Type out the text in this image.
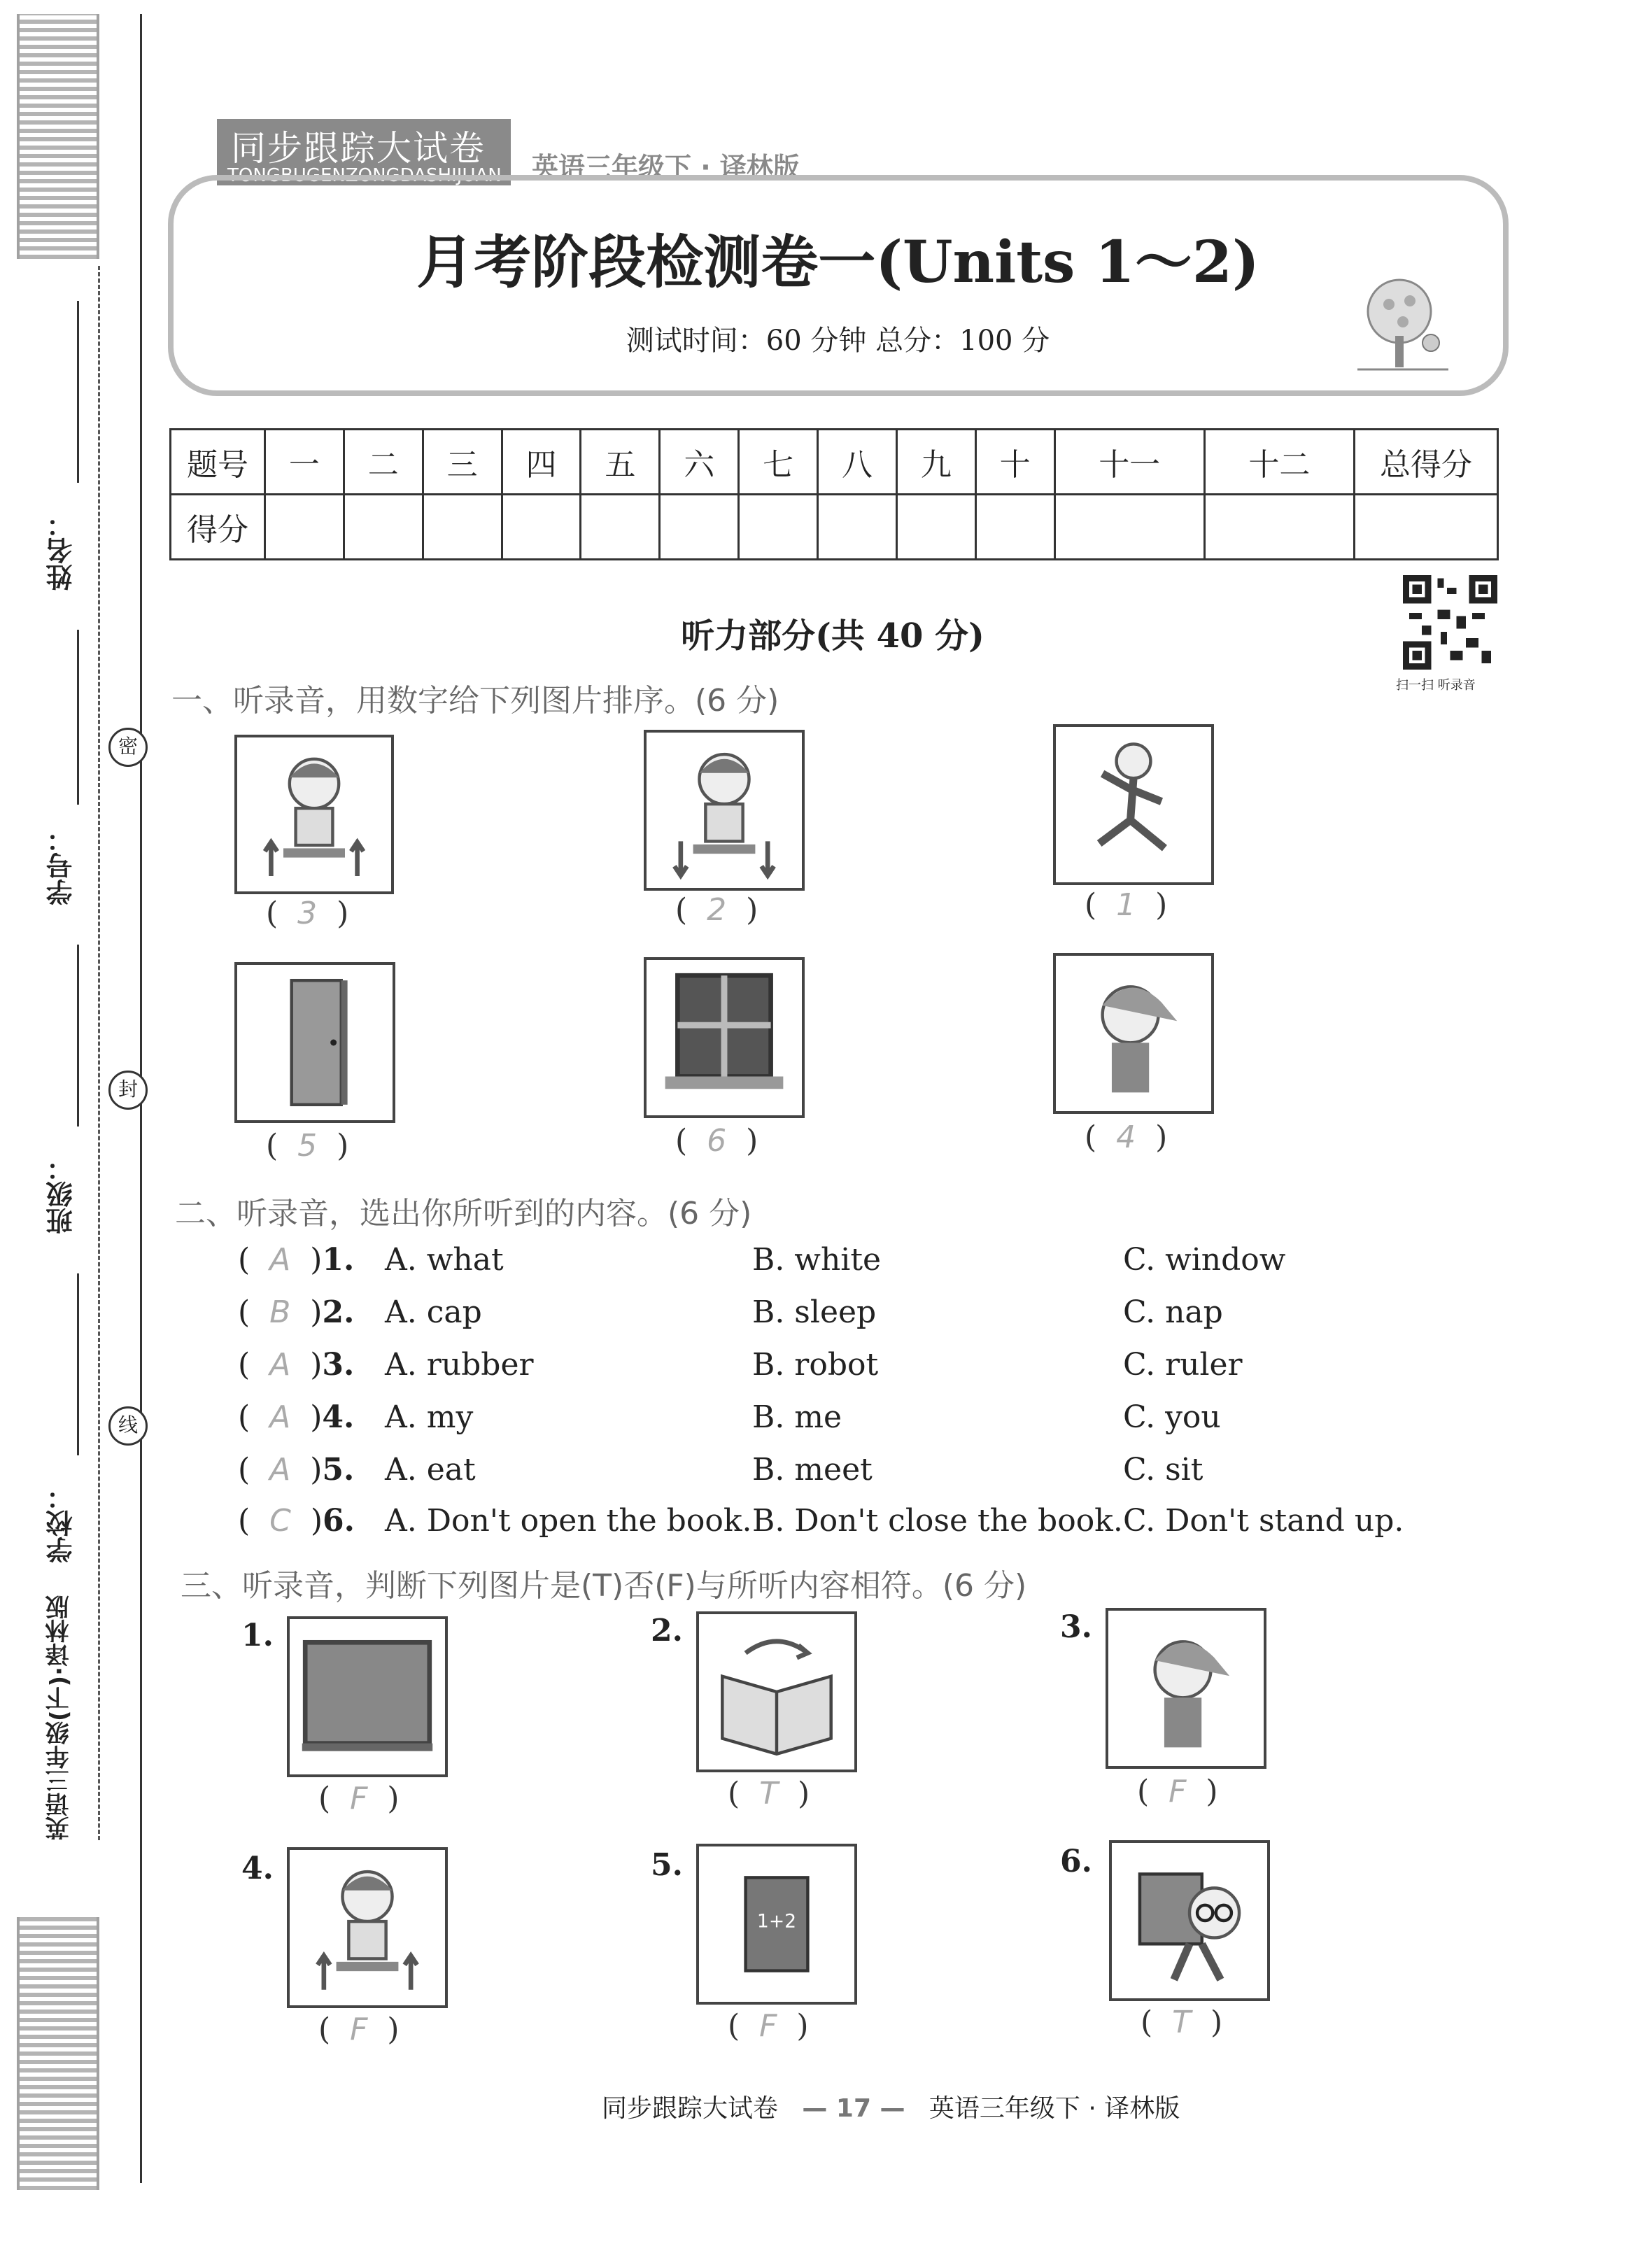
姓名：
学号：
班级：
学校：
英语三年级(下)·译林版
密
封
线
同步跟踪大试卷
TONGBUGENZONGDASHIJUAN 英语三年级下 · 译林版
月考阶段检测卷一(Units 1～2)
测试时间：60 分钟 总分：100 分
题号	一	二	三	四	五	六	七	八	九	十	十一	十二	总得分
得分													
扫一扫 听录音
听力部分(共 40 分)
一、听录音，用数字给下列图片排序。(6 分)
(  3  )	(  2  )	(  1  )
(  5  )	(  6  )	(  4  )
二、听录音，选出你所听到的内容。(6 分)
(  A  )1. A. what	B. white	C. window
(  B  )2. A. cap	B. sleep	C. nap
(  A  )3. A. rubber	B. robot	C. ruler
(  A  )4. A. my	B. me	C. you
(  A  )5. A. eat	B. meet	C. sit
(  C  )6. A. Don't open the book. B. Don't close the book. C. Don't stand up.
三、听录音，判断下列图片是(T)否(F)与所听内容相符。(6 分)
1.
(  F  )
2.
(  T  )
3.
(  F  )
4.
(  F  )
5.
1+2
(  F  )
6.
(  T  )
同步跟踪大试卷 — 17 — 英语三年级下 · 译林版
